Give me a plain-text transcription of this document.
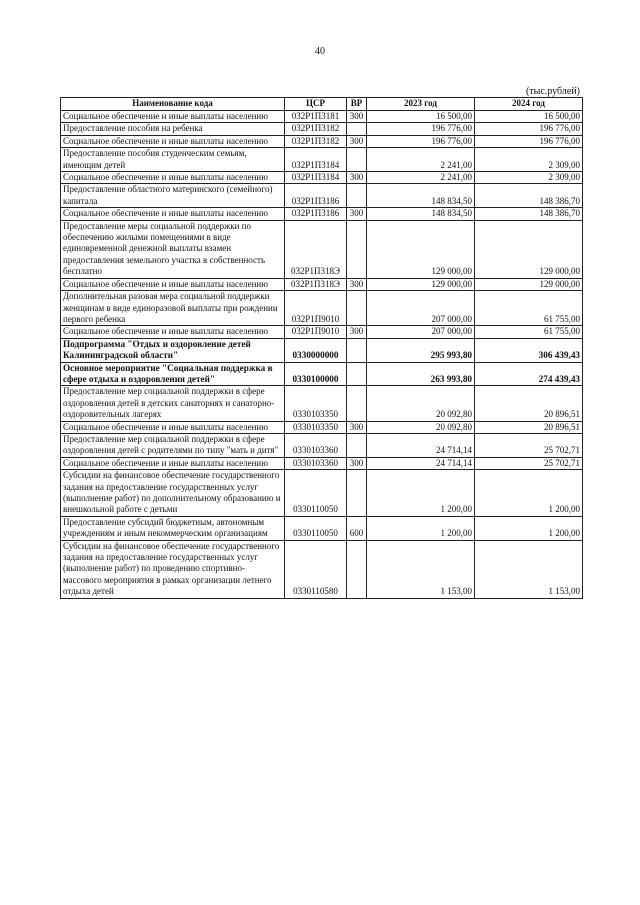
40
(тыс.рублей)
Наименование кода	ЦСР	ВР	2023 год	2024 год
Социальное обеспечение и иные выплаты населению	032Р1П3181	300	16 500,00	16 500,00
Предоставление пособия на ребенка	032Р1П3182		196 776,00	196 776,00
Социальное обеспечение и иные выплаты населению	032Р1П3182	300	196 776,00	196 776,00
Предоставление пособия студенческим семьям, имеющим детей	032Р1П3184		2 241,00	2 309,00
Социальное обеспечение и иные выплаты населению	032Р1П3184	300	2 241,00	2 309,00
Предоставление областного материнского (семейного) капитала	032Р1П3186		148 834,50	148 386,70
Социальное обеспечение и иные выплаты населению	032Р1П3186	300	148 834,50	148 386,70
Предоставление меры социальной поддержки по обеспечению жилыми помещениями в виде единовременной денежной выплаты взамен предоставления земельного участка в собственность бесплатно	032Р1П318Э		129 000,00	129 000,00
Социальное обеспечение и иные выплаты населению	032Р1П318Э	300	129 000,00	129 000,00
Дополнительная разовая мера социальной поддержки женщинам в виде единоразовой выплаты при рождении первого ребенка	032Р1П9010		207 000,00	61 755,00
Социальное обеспечение и иные выплаты населению	032Р1П9010	300	207 000,00	61 755,00
Подпрограмма "Отдых и оздоровление детей Калининградской области"	0330000000		295 993,80	306 439,43
Основное мероприятие "Социальная поддержка в сфере отдыха и оздоровления детей"	0330100000		263 993,80	274 439,43
Предоставление мер социальной поддержки в сфере оздоровления детей в детских санаториях и санаторно-оздоровительных лагерях	0330103350		20 092,80	20 896,51
Социальное обеспечение и иные выплаты населению	0330103350	300	20 092,80	20 896,51
Предоставление мер социальной поддержки в сфере оздоровления детей с родителями по типу "мать и дитя"	0330103360		24 714,14	25 702,71
Социальное обеспечение и иные выплаты населению	0330103360	300	24 714,14	25 702,71
Субсидии на финансовое обеспечение государственного задания на предоставление государственных услуг (выполнение работ) по дополнительному образованию и внешкольной работе с детьми	0330110050		1 200,00	1 200,00
Предоставление субсидий бюджетным, автономным учреждениям и иным некоммерческим организациям	0330110050	600	1 200,00	1 200,00
Субсидии на финансовое обеспечение государственного задания на предоставление государственных услуг (выполнение работ) по проведению спортивно-массового мероприятия в рамках организации летнего отдыха детей	0330110580		1 153,00	1 153,00
